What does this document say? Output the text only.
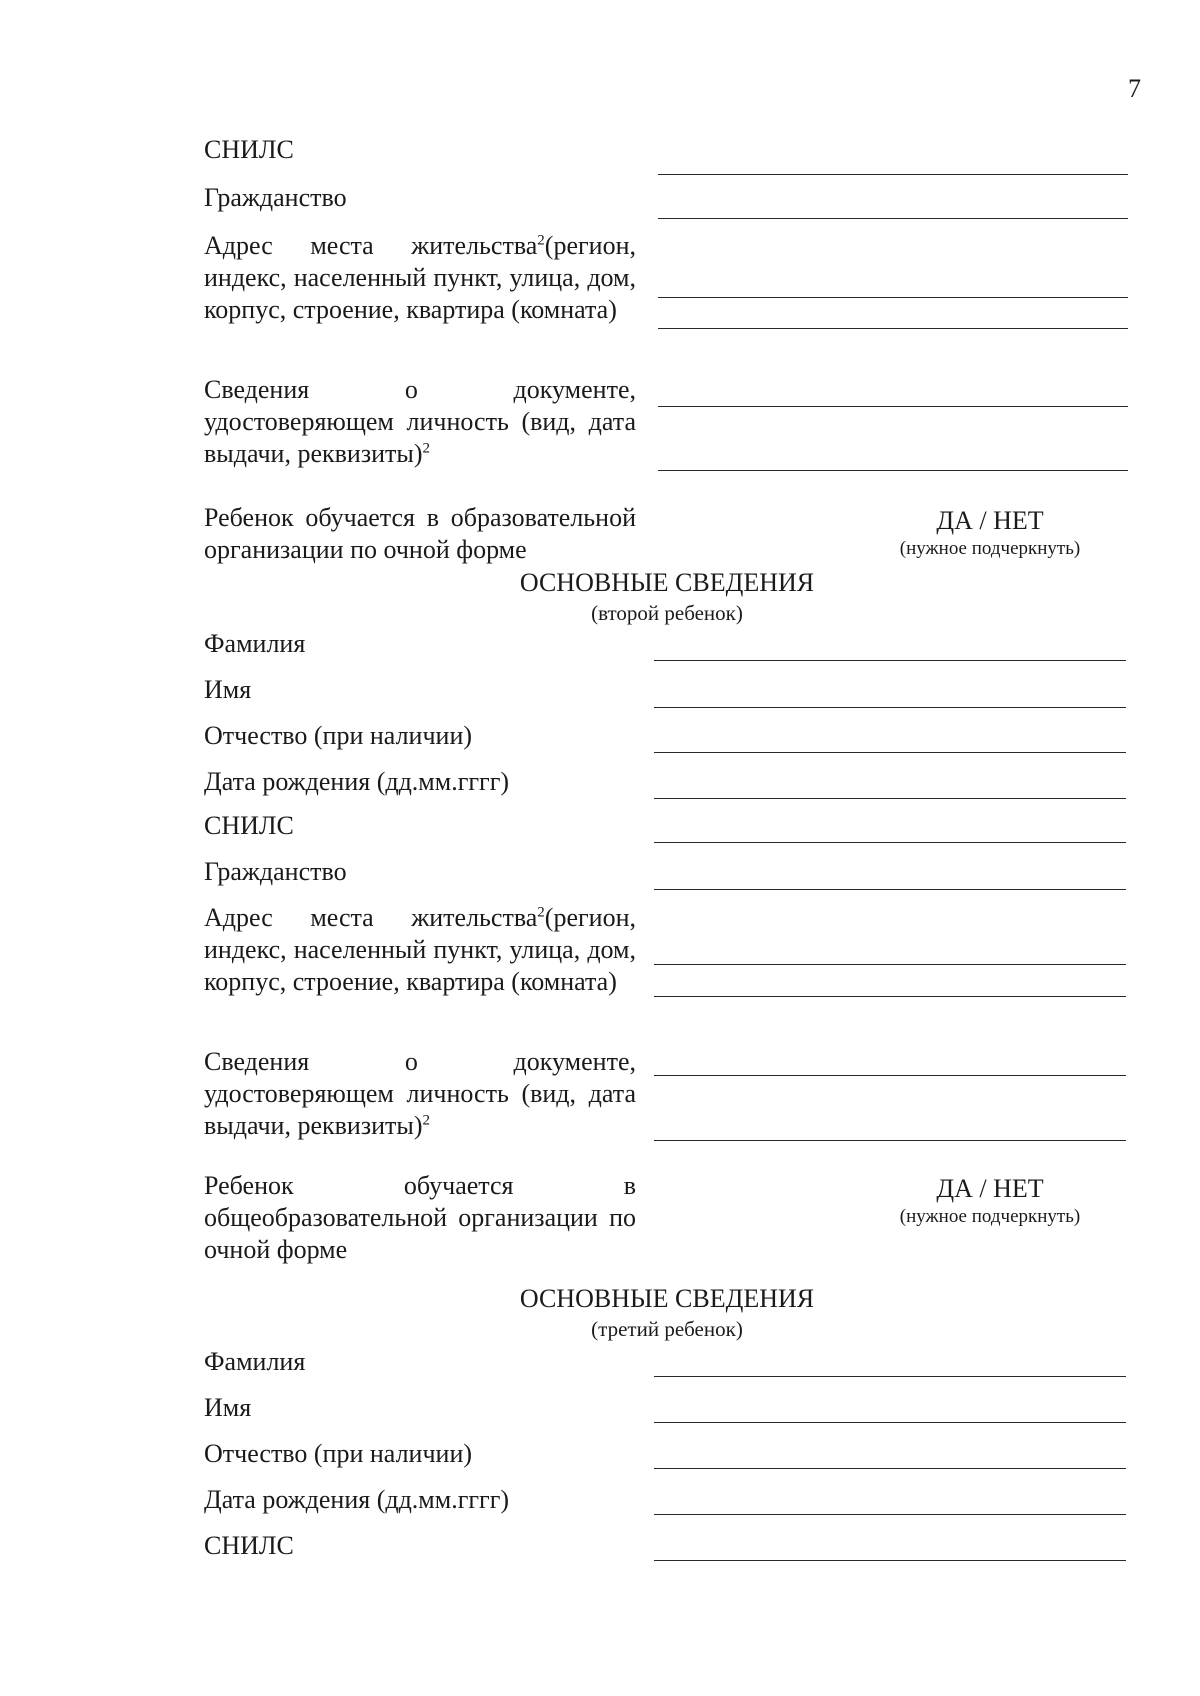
7
СНИЛС
Гражданство
Адрес места жительства$^2$(регион, индекс, населенный пункт, улица, дом, корпус, строение, квартира (комната)
Сведения о документе, удостоверяющем личность (вид, дата выдачи, реквизиты)$^2$
Ребенок обучается в образовательной организации по очной форме
ДА / НЕТ
(нужное подчеркнуть)
ОСНОВНЫЕ СВЕДЕНИЯ
(второй ребенок)
Фамилия
Имя
Отчество (при наличии)
Дата рождения (дд.мм.гггг)
СНИЛС
Гражданство
Адрес места жительства$^2$(регион, индекс, населенный пункт, улица, дом, корпус, строение, квартира (комната)
Сведения о документе, удостоверяющем личность (вид, дата выдачи, реквизиты)$^2$
Ребенок обучается в общеобразовательной организации по очной форме
ДА / НЕТ
(нужное подчеркнуть)
ОСНОВНЫЕ СВЕДЕНИЯ
(третий ребенок)
Фамилия
Имя
Отчество (при наличии)
Дата рождения (дд.мм.гггг)
СНИЛС
